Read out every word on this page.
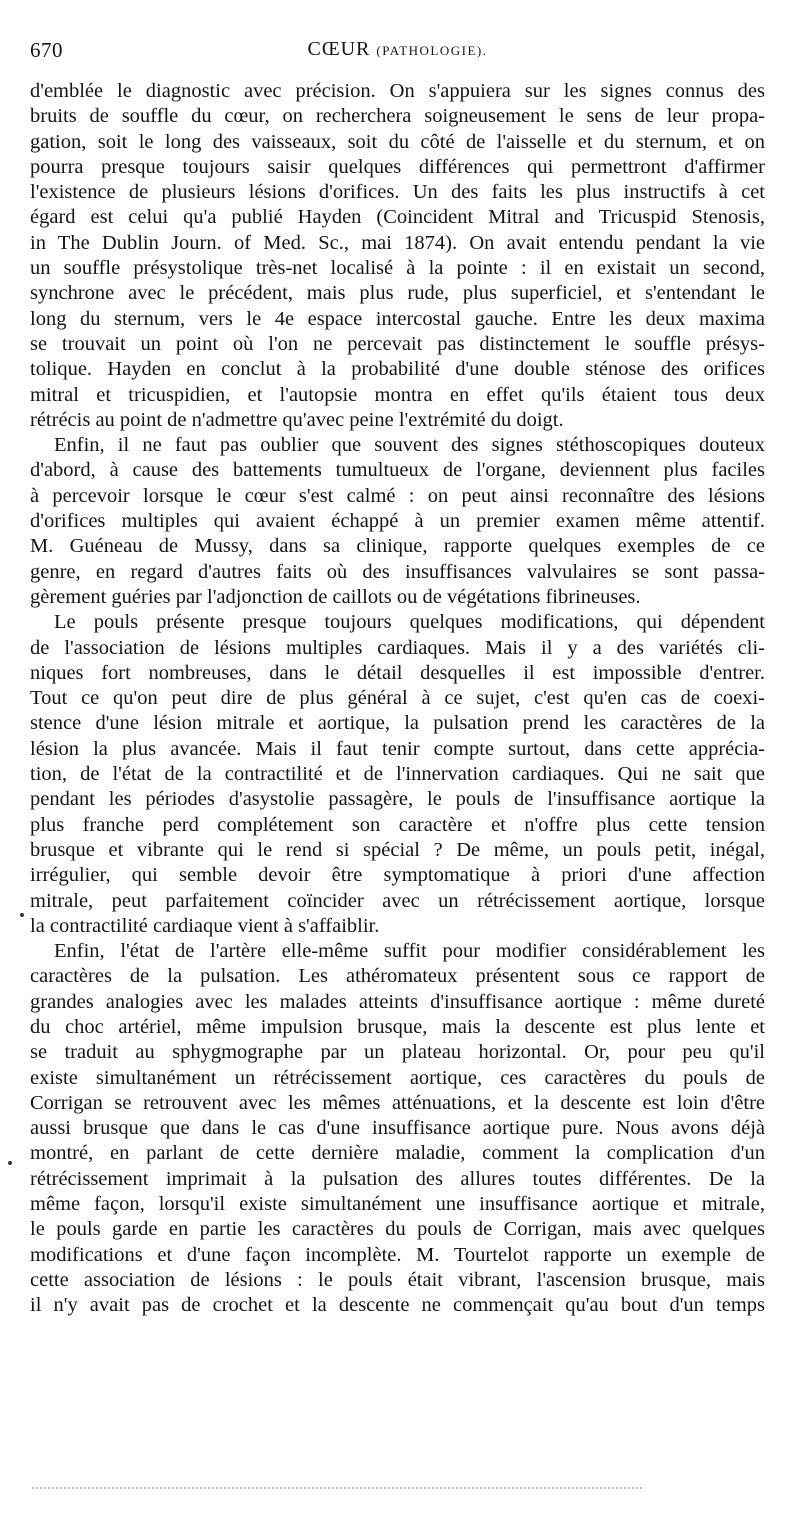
670	CŒUR (PATHOLOGIE).
d'emblée le diagnostic avec précision. On s'appuiera sur les signes connus des
bruits de souffle du cœur, on recherchera soigneusement le sens de leur propa-
gation, soit le long des vaisseaux, soit du côté de l'aisselle et du sternum, et on
pourra presque toujours saisir quelques différences qui permettront d'affirmer
l'existence de plusieurs lésions d'orifices. Un des faits les plus instructifs à cet
égard est celui qu'a publié Hayden (Coincident Mitral and Tricuspid Stenosis,
in The Dublin Journ. of Med. Sc., mai 1874). On avait entendu pendant la vie
un souffle présystolique très-net localisé à la pointe : il en existait un second,
synchrone avec le précédent, mais plus rude, plus superficiel, et s'entendant le
long du sternum, vers le 4e espace intercostal gauche. Entre les deux maxima
se trouvait un point où l'on ne percevait pas distinctement le souffle présys-
tolique. Hayden en conclut à la probabilité d'une double sténose des orifices
mitral et tricuspidien, et l'autopsie montra en effet qu'ils étaient tous deux
rétrécis au point de n'admettre qu'avec peine l'extrémité du doigt.
Enfin, il ne faut pas oublier que souvent des signes stéthoscopiques douteux
d'abord, à cause des battements tumultueux de l'organe, deviennent plus faciles
à percevoir lorsque le cœur s'est calmé : on peut ainsi reconnaître des lésions
d'orifices multiples qui avaient échappé à un premier examen même attentif.
M. Guéneau de Mussy, dans sa clinique, rapporte quelques exemples de ce
genre, en regard d'autres faits où des insuffisances valvulaires se sont passa-
gèrement guéries par l'adjonction de caillots ou de végétations fibrineuses.
Le pouls présente presque toujours quelques modifications, qui dépendent
de l'association de lésions multiples cardiaques. Mais il y a des variétés cli-
niques fort nombreuses, dans le détail desquelles il est impossible d'entrer.
Tout ce qu'on peut dire de plus général à ce sujet, c'est qu'en cas de coexi-
stence d'une lésion mitrale et aortique, la pulsation prend les caractères de la
lésion la plus avancée. Mais il faut tenir compte surtout, dans cette apprécia-
tion, de l'état de la contractilité et de l'innervation cardiaques. Qui ne sait que
pendant les périodes d'asystolie passagère, le pouls de l'insuffisance aortique la
plus franche perd complétement son caractère et n'offre plus cette tension
brusque et vibrante qui le rend si spécial ? De même, un pouls petit, inégal,
irrégulier, qui semble devoir être symptomatique à priori d'une affection
mitrale, peut parfaitement coïncider avec un rétrécissement aortique, lorsque
la contractilité cardiaque vient à s'affaiblir.
Enfin, l'état de l'artère elle-même suffit pour modifier considérablement les
caractères de la pulsation. Les athéromateux présentent sous ce rapport de
grandes analogies avec les malades atteints d'insuffisance aortique : même dureté
du choc artériel, même impulsion brusque, mais la descente est plus lente et
se traduit au sphygmographe par un plateau horizontal. Or, pour peu qu'il
existe simultanément un rétrécissement aortique, ces caractères du pouls de
Corrigan se retrouvent avec les mêmes atténuations, et la descente est loin d'être
aussi brusque que dans le cas d'une insuffisance aortique pure. Nous avons déjà
montré, en parlant de cette dernière maladie, comment la complication d'un
rétrécissement imprimait à la pulsation des allures toutes différentes. De la
même façon, lorsqu'il existe simultanément une insuffisance aortique et mitrale,
le pouls garde en partie les caractères du pouls de Corrigan, mais avec quelques
modifications et d'une façon incomplète. M. Tourtelot rapporte un exemple de
cette association de lésions : le pouls était vibrant, l'ascension brusque, mais
il n'y avait pas de crochet et la descente ne commençait qu'au bout d'un temps
